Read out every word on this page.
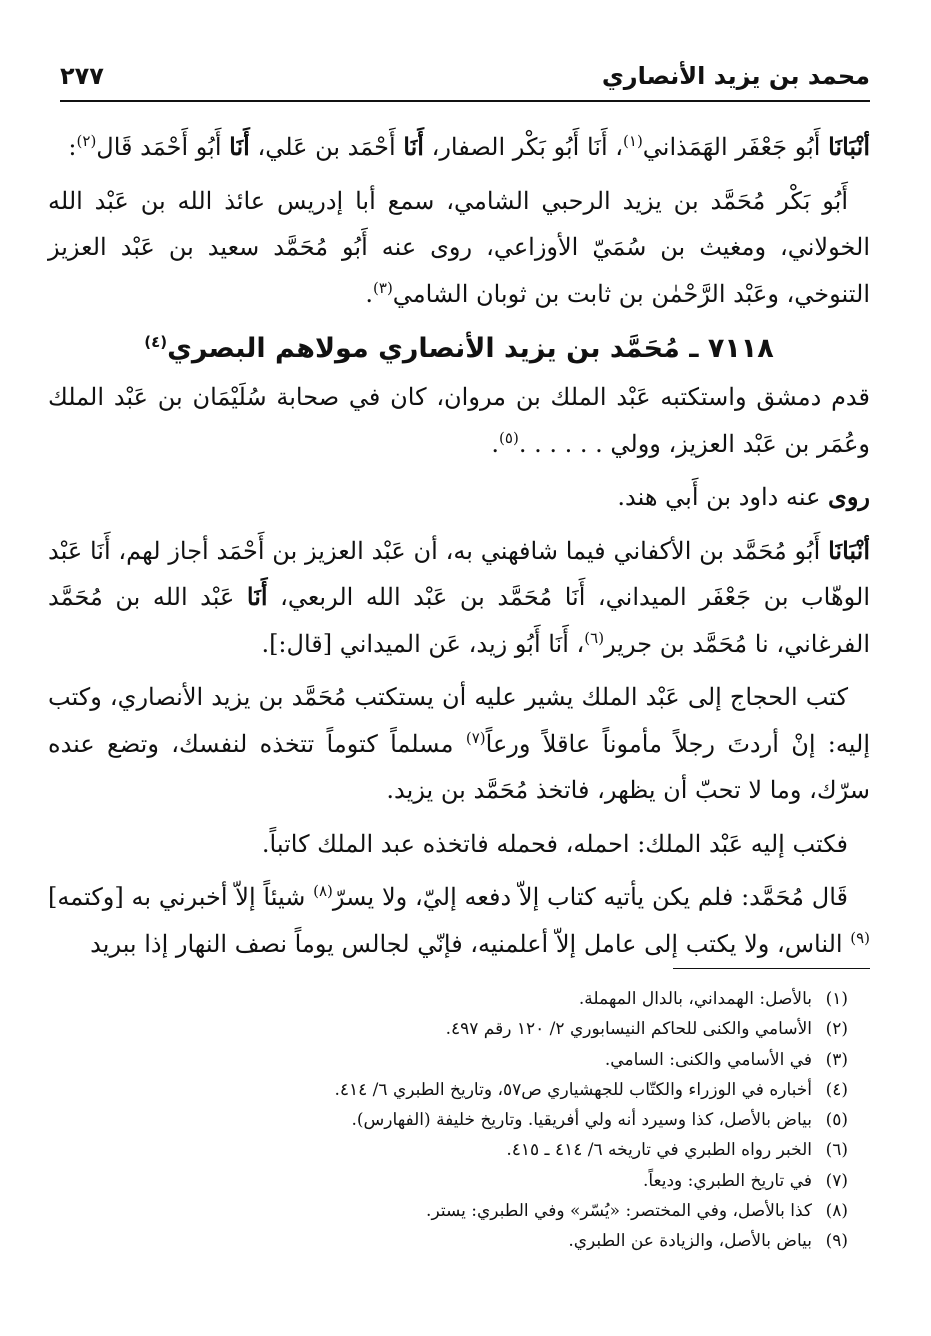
٢٧٧	محمد بن يزيد الأنصاري

أنْبَانَا أَبُو جَعْفَر الهَمَذاني$^{(١)}$، أَنَا أَبُو بَكْر الصفار، أَنَا أَحْمَد بن عَلي، أَنَا أَبُو أَحْمَد قَال$^{(٢)}$:

أَبُو بَكْر مُحَمَّد بن يزيد الرحبي الشامي، سمع أبا إدريس عائذ الله بن عَبْد الله الخولاني، ومغيث بن سُمَيّ الأوزاعي، روى عنه أَبُو مُحَمَّد سعيد بن عَبْد العزيز التنوخي، وعَبْد الرَّحْمٰن بن ثابت بن ثوبان الشامي$^{(٣)}$.

٧١١٨ ـ مُحَمَّد بن يزيد الأنصاري مولاهم البصري$^{(٤)}$

قدم دمشق واستكتبه عَبْد الملك بن مروان، كان في صحابة سُلَيْمَان بن عَبْد الملك وعُمَر بن عَبْد العزيز، وولي . . . . . .$^{(٥)}$.

روى عنه داود بن أَبي هند.

أنْبَانَا أَبُو مُحَمَّد بن الأكفاني فيما شافهني به، أن عَبْد العزيز بن أَحْمَد أجاز لهم، أَنَا عَبْد الوهّاب بن جَعْفَر الميداني، أَنَا مُحَمَّد بن عَبْد الله الربعي، أَنَا عَبْد الله بن مُحَمَّد الفرغاني، نا مُحَمَّد بن جرير$^{(٦)}$، أَنَا أَبُو زيد، عَن الميداني [قال:].

كتب الحجاج إلى عَبْد الملك يشير عليه أن يستكتب مُحَمَّد بن يزيد الأنصاري، وكتب إليه: إنْ أردتَ رجلاً مأموناً عاقلاً ورعاً$^{(٧)}$ مسلماً كتوماً تتخذه لنفسك، وتضع عنده سرّك، وما لا تحبّ أن يظهر، فاتخذ مُحَمَّد بن يزيد.

فكتب إليه عَبْد الملك: احمله، فحمله فاتخذه عبد الملك كاتباً.

قَال مُحَمَّد: فلم يكن يأتيه كتاب إلاّ دفعه إليّ، ولا يسرّ$^{(٨)}$ شيئاً إلاّ أخبرني به [وكتمه]$^{(٩)}$ الناس، ولا يكتب إلى عامل إلاّ أعلمنيه، فإنّي لجالس يوماً نصف النهار إذا ببريد

(١)بالأصل: الهمداني، بالدال المهملة.
(٢)الأسامي والكنى للحاكم النيسابوري ٢/ ١٢٠ رقم ٤٩٧.
(٣)في الأسامي والكنى: السامي.
(٤)أخباره في الوزراء والكتّاب للجهشياري ص٥٧، وتاريخ الطبري ٦/ ٤١٤.
(٥)بياض بالأصل، كذا وسيرد أنه ولي أفريقيا. وتاريخ خليفة (الفهارس).
(٦)الخبر رواه الطبري في تاريخه ٦/ ٤١٤ ـ ٤١٥.
(٧)في تاريخ الطبري: وديعاً.
(٨)كذا بالأصل، وفي المختصر: «يُسّر» وفي الطبري: يستر.
(٩)بياض بالأصل، والزيادة عن الطبري.
